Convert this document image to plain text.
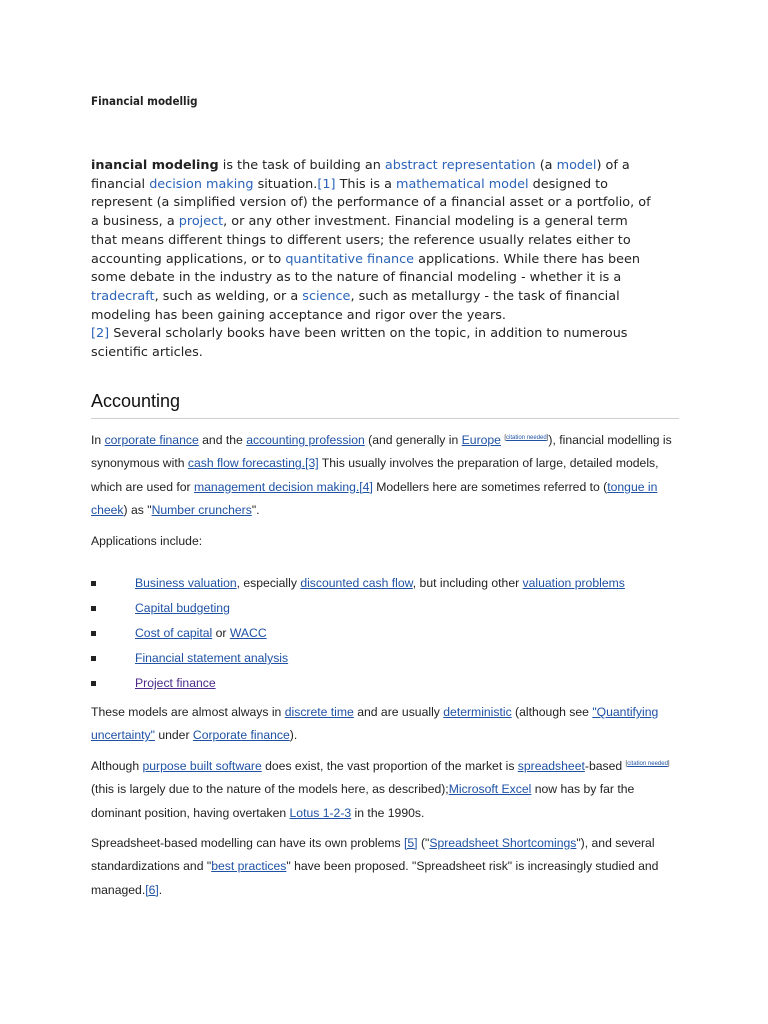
Financial modellig
inancial modeling is the task of building an abstract representation (a model) of a financial decision making situation.[1] This is a mathematical model designed to represent (a simplified version of) the performance of a financial asset or a portfolio, of a business, a project, or any other investment. Financial modeling is a general term that means different things to different users; the reference usually relates either to accounting applications, or to quantitative finance applications. While there has been some debate in the industry as to the nature of financial modeling - whether it is a tradecraft, such as welding, or a science, such as metallurgy - the task of financial modeling has been gaining acceptance and rigor over the years.
[2] Several scholarly books have been written on the topic, in addition to numerous scientific articles.
Accounting
In corporate finance and the accounting profession (and generally in Europe [citation needed]), financial modelling is synonymous with cash flow forecasting.[3] This usually involves the preparation of large, detailed models, which are used for management decision making.[4] Modellers here are sometimes referred to (tongue in cheek) as "Number crunchers".
Applications include:
Business valuation, especially discounted cash flow, but including other valuation problems
Capital budgeting
Cost of capital or WACC
Financial statement analysis
Project finance
These models are almost always in discrete time and are usually deterministic (although see "Quantifying uncertainty" under Corporate finance).
Although purpose built software does exist, the vast proportion of the market is spreadsheet-based [citation needed] (this is largely due to the nature of the models here, as described);Microsoft Excel now has by far the dominant position, having overtaken Lotus 1-2-3 in the 1990s.
Spreadsheet-based modelling can have its own problems [5] ("Spreadsheet Shortcomings"), and several standardizations and "best practices" have been proposed. "Spreadsheet risk" is increasingly studied and managed.[6].
